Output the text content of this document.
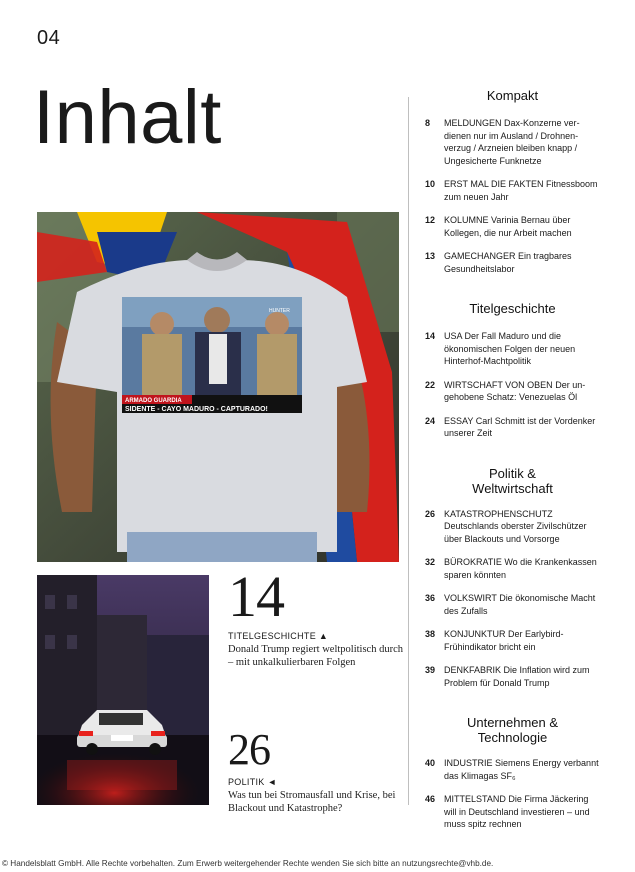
04
Inhalt
ARMADO GUARDIA
SIDENTE - CAYO MADURO - CAPTURADO!
HUNTER
14
TITELGESCHICHTE ▲
Donald Trump regiert weltpolitisch durch – mit unkalkulierbaren Folgen
26
POLITIK ◄
Was tun bei Stromausfall und Krise, bei Blackout und Katastrophe?
Kompakt
8	MELDUNGEN Dax-Konzerne verdienen nur im Ausland / Drohnenverzug / Arzneien bleiben knapp / Ungesicherte Funknetze
10 ERST MAL DIE FAKTEN Fitnessboom zum neuen Jahr
12 KOLUMNE Varinia Bernau über Kollegen, die nur Arbeit machen
13 GAMECHANGER Ein tragbares Gesundheitslabor
Titelgeschichte
14 USA Der Fall Maduro und die ökonomischen Folgen der neuen Hinterhof-Machtpolitik
22 WIRTSCHAFT VON OBEN Der ungehobene Schatz: Venezuelas Öl
24 ESSAY Carl Schmitt ist der Vordenker unserer Zeit
Politik & Weltwirtschaft
26 KATASTROPHENSCHUTZ Deutschlands oberster Zivilschützer über Blackouts und Vorsorge
32 BÜROKRATIE Wo die Krankenkassen sparen könnten
36 VOLKSWIRT Die ökonomische Macht des Zufalls
38 KONJUNKTUR Der Earlybird-Frühindikator bricht ein
39 DENKFABRIK Die Inflation wird zum Problem für Donald Trump
Unternehmen & Technologie
40 INDUSTRIE Siemens Energy verbannt das Klimagas SF₆
46 MITTELSTAND Die Firma Jäckering will in Deutschland investieren – und muss spitz rechnen
© Handelsblatt GmbH. Alle Rechte vorbehalten. Zum Erwerb weitergehender Rechte wenden Sie sich bitte an nutzungsrechte@vhb.de.
